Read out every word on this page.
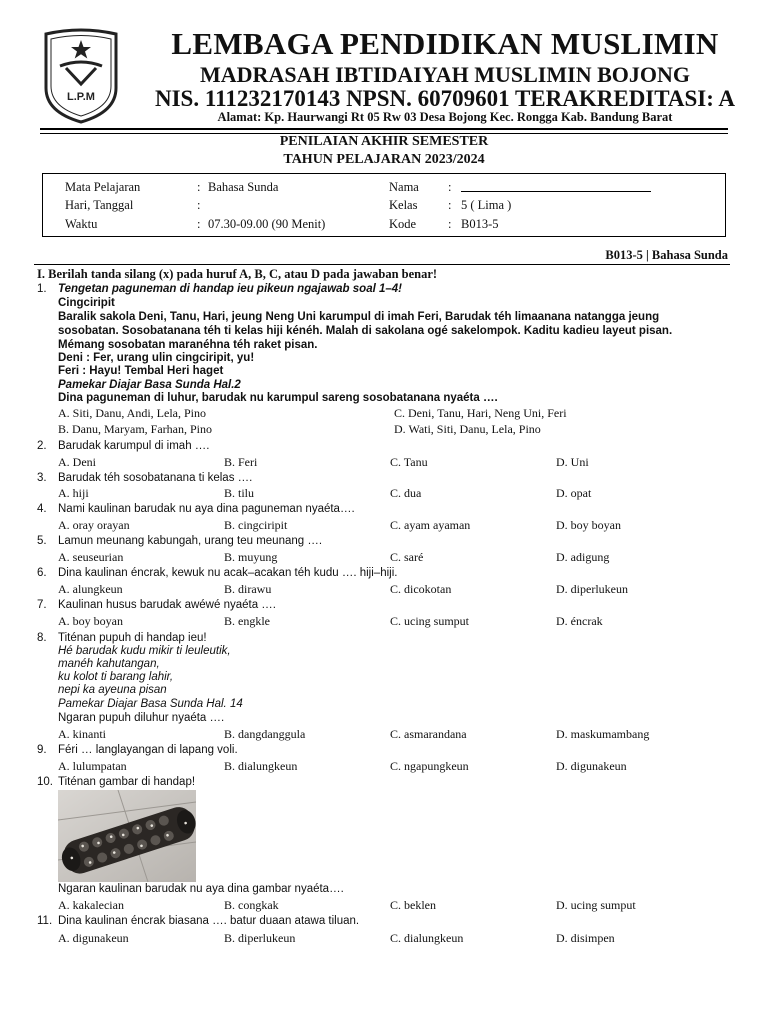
L.P.M
LEMBAGA PENDIDIKAN MUSLIMIN
MADRASAH IBTIDAIYAH MUSLIMIN BOJONG
NIS. 111232170143 NPSN. 60709601 TERAKREDITASI: A
Alamat: Kp. Haurwangi Rt 05 Rw 03 Desa Bojong Kec. Rongga Kab. Bandung Barat
PENILAIAN AKHIR SEMESTER
TAHUN PELAJARAN 2023/2024
Mata Pelajaran	: Bahasa Sunda
Hari, Tanggal	:
Waktu	: 07.30-09.00 (90 Menit)
Nama :
Kelas : 5 ( Lima )
Kode	: B013-5
B013-5 | Bahasa Sunda
I. Berilah tanda silang (x) pada huruf A, B, C, atau D pada jawaban benar!
1. Tengetan paguneman di handap ieu pikeun ngajawab soal 1–4!
Cingciripit
Baralik sakola Deni, Tanu, Hari, jeung Neng Uni karumpul di imah Feri, Barudak téh limaanana natangga jeung
sosobatan. Sosobatanana téh ti kelas hiji kénéh. Malah di sakolana ogé sakelompok. Kaditu kadieu layeut pisan.
Mémang sosobatan maranéhna téh raket pisan.
Deni : Fer, urang ulin cingciripit, yu!
Feri : Hayu! Tembal Heri haget
Pamekar Diajar Basa Sunda Hal.2
Dina paguneman di luhur, barudak nu karumpul sareng sosobatanana nyaéta ….
A. Siti, Danu, Andi, Lela, Pino
B. Danu, Maryam, Farhan, Pino
C. Deni, Tanu, Hari, Neng Uni, Feri
D. Wati, Siti, Danu, Lela, Pino
2. Barudak karumpul di imah ….
A. Deni	B. Feri	C. Tanu	D. Uni
3. Barudak téh sosobatanana ti kelas ….
A. hiji	B. tilu	C. dua	D. opat
4. Nami kaulinan barudak nu aya dina paguneman nyaéta….
A. oray orayan	B. cingciripit	C. ayam ayaman	D. boy boyan
5. Lamun meunang kabungah, urang teu meunang ….
A. seuseurian	B. muyung	C. saré	D. adigung
6. Dina kaulinan éncrak, kewuk nu acak–acakan téh kudu …. hiji–hiji.
A. alungkeun	B. dirawu	C. dicokotan	D. diperlukeun
7. Kaulinan husus barudak awéwé nyaéta ….
A. boy boyan	B. engkle	C. ucing sumput	D. éncrak
8. Titénan pupuh di handap ieu!
Hé barudak kudu mikir ti leuleutik,
manéh kahutangan,
ku kolot ti barang lahir,
nepi ka ayeuna pisan
Pamekar Diajar Basa Sunda Hal. 14
Ngaran pupuh diluhur nyaéta ….
A. kinanti	B. dangdanggula	C. asmarandana	D. maskumambang
9. Féri … langlayangan di lapang voli.
A. lulumpatan	B. dialungkeun	C. ngapungkeun	D. digunakeun
10. Titénan gambar di handap!
Ngaran kaulinan barudak nu aya dina gambar nyaéta….
A. kakalecian	B. congkak	C. beklen	D. ucing sumput
11. Dina kaulinan éncrak biasana …. batur duaan atawa tiluan.
A. digunakeun	B. diperlukeun	C. dialungkeun	D. disimpen
